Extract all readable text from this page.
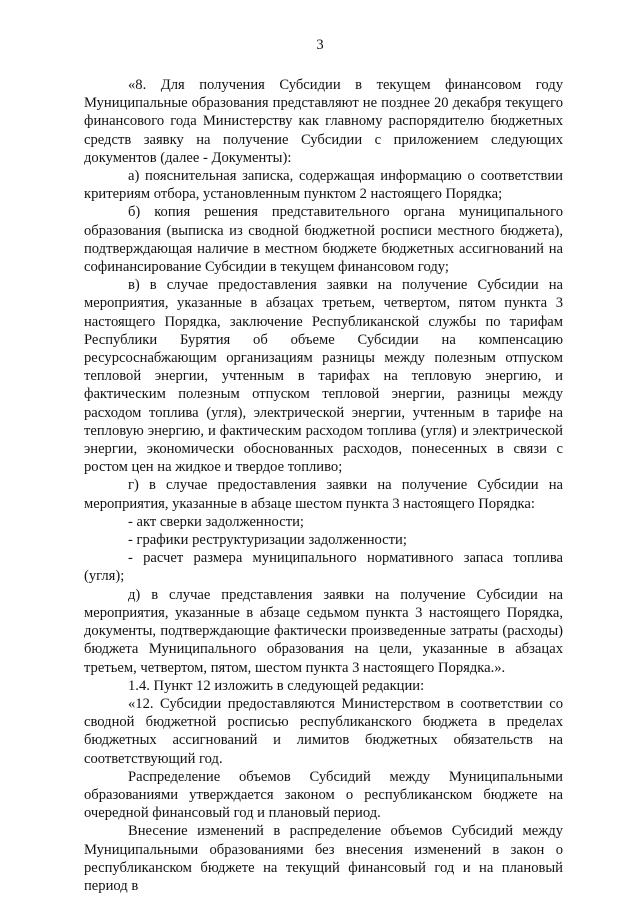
3

«8. Для получения Субсидии в текущем финансовом году Муниципальные образования представляют не позднее 20 декабря текущего финансового года Министерству как главному распорядителю бюджетных средств заявку на получение Субсидии с приложением следующих документов (далее - Документы):

а) пояснительная записка, содержащая информацию о соответствии критериям отбора, установленным пунктом 2 настоящего Порядка;

б) копия решения представительного органа муниципального образования (выписка из сводной бюджетной росписи местного бюджета), подтверждающая наличие в местном бюджете бюджетных ассигнований на софинансирование Субсидии в текущем финансовом году;

в) в случае предоставления заявки на получение Субсидии на мероприятия, указанные в абзацах третьем, четвертом, пятом пункта 3 настоящего Порядка, заключение Республиканской службы по тарифам Республики Бурятия об объеме Субсидии на компенсацию ресурсоснабжающим организациям разницы между полезным отпуском тепловой энергии, учтенным в тарифах на тепловую энергию, и фактическим полезным отпуском тепловой энергии, разницы между расходом топлива (угля), электрической энергии, учтенным в тарифе на тепловую энергию, и фактическим расходом топлива (угля) и электрической энергии, экономически обоснованных расходов, понесенных в связи с ростом цен на жидкое и твердое топливо;

г) в случае предоставления заявки на получение Субсидии на мероприятия, указанные в абзаце шестом пункта 3 настоящего Порядка:

- акт сверки задолженности;

- графики реструктуризации задолженности;

- расчет размера муниципального нормативного запаса топлива (угля);

д) в случае представления заявки на получение Субсидии на мероприятия, указанные в абзаце седьмом пункта 3 настоящего Порядка, документы, подтверждающие фактически произведенные затраты (расходы) бюджета Муниципального образования на цели, указанные в абзацах третьем, четвертом, пятом, шестом пункта 3 настоящего Порядка.».

1.4. Пункт 12 изложить в следующей редакции:

«12. Субсидии предоставляются Министерством в соответствии со сводной бюджетной росписью республиканского бюджета в пределах бюджетных ассигнований и лимитов бюджетных обязательств на соответствующий год.

Распределение объемов Субсидий между Муниципальными образованиями утверждается законом о республиканском бюджете на очередной финансовый год и плановый период.

Внесение изменений в распределение объемов Субсидий между Муниципальными образованиями без внесения изменений в закон о республиканском бюджете на текущий финансовый год и на плановый период в
